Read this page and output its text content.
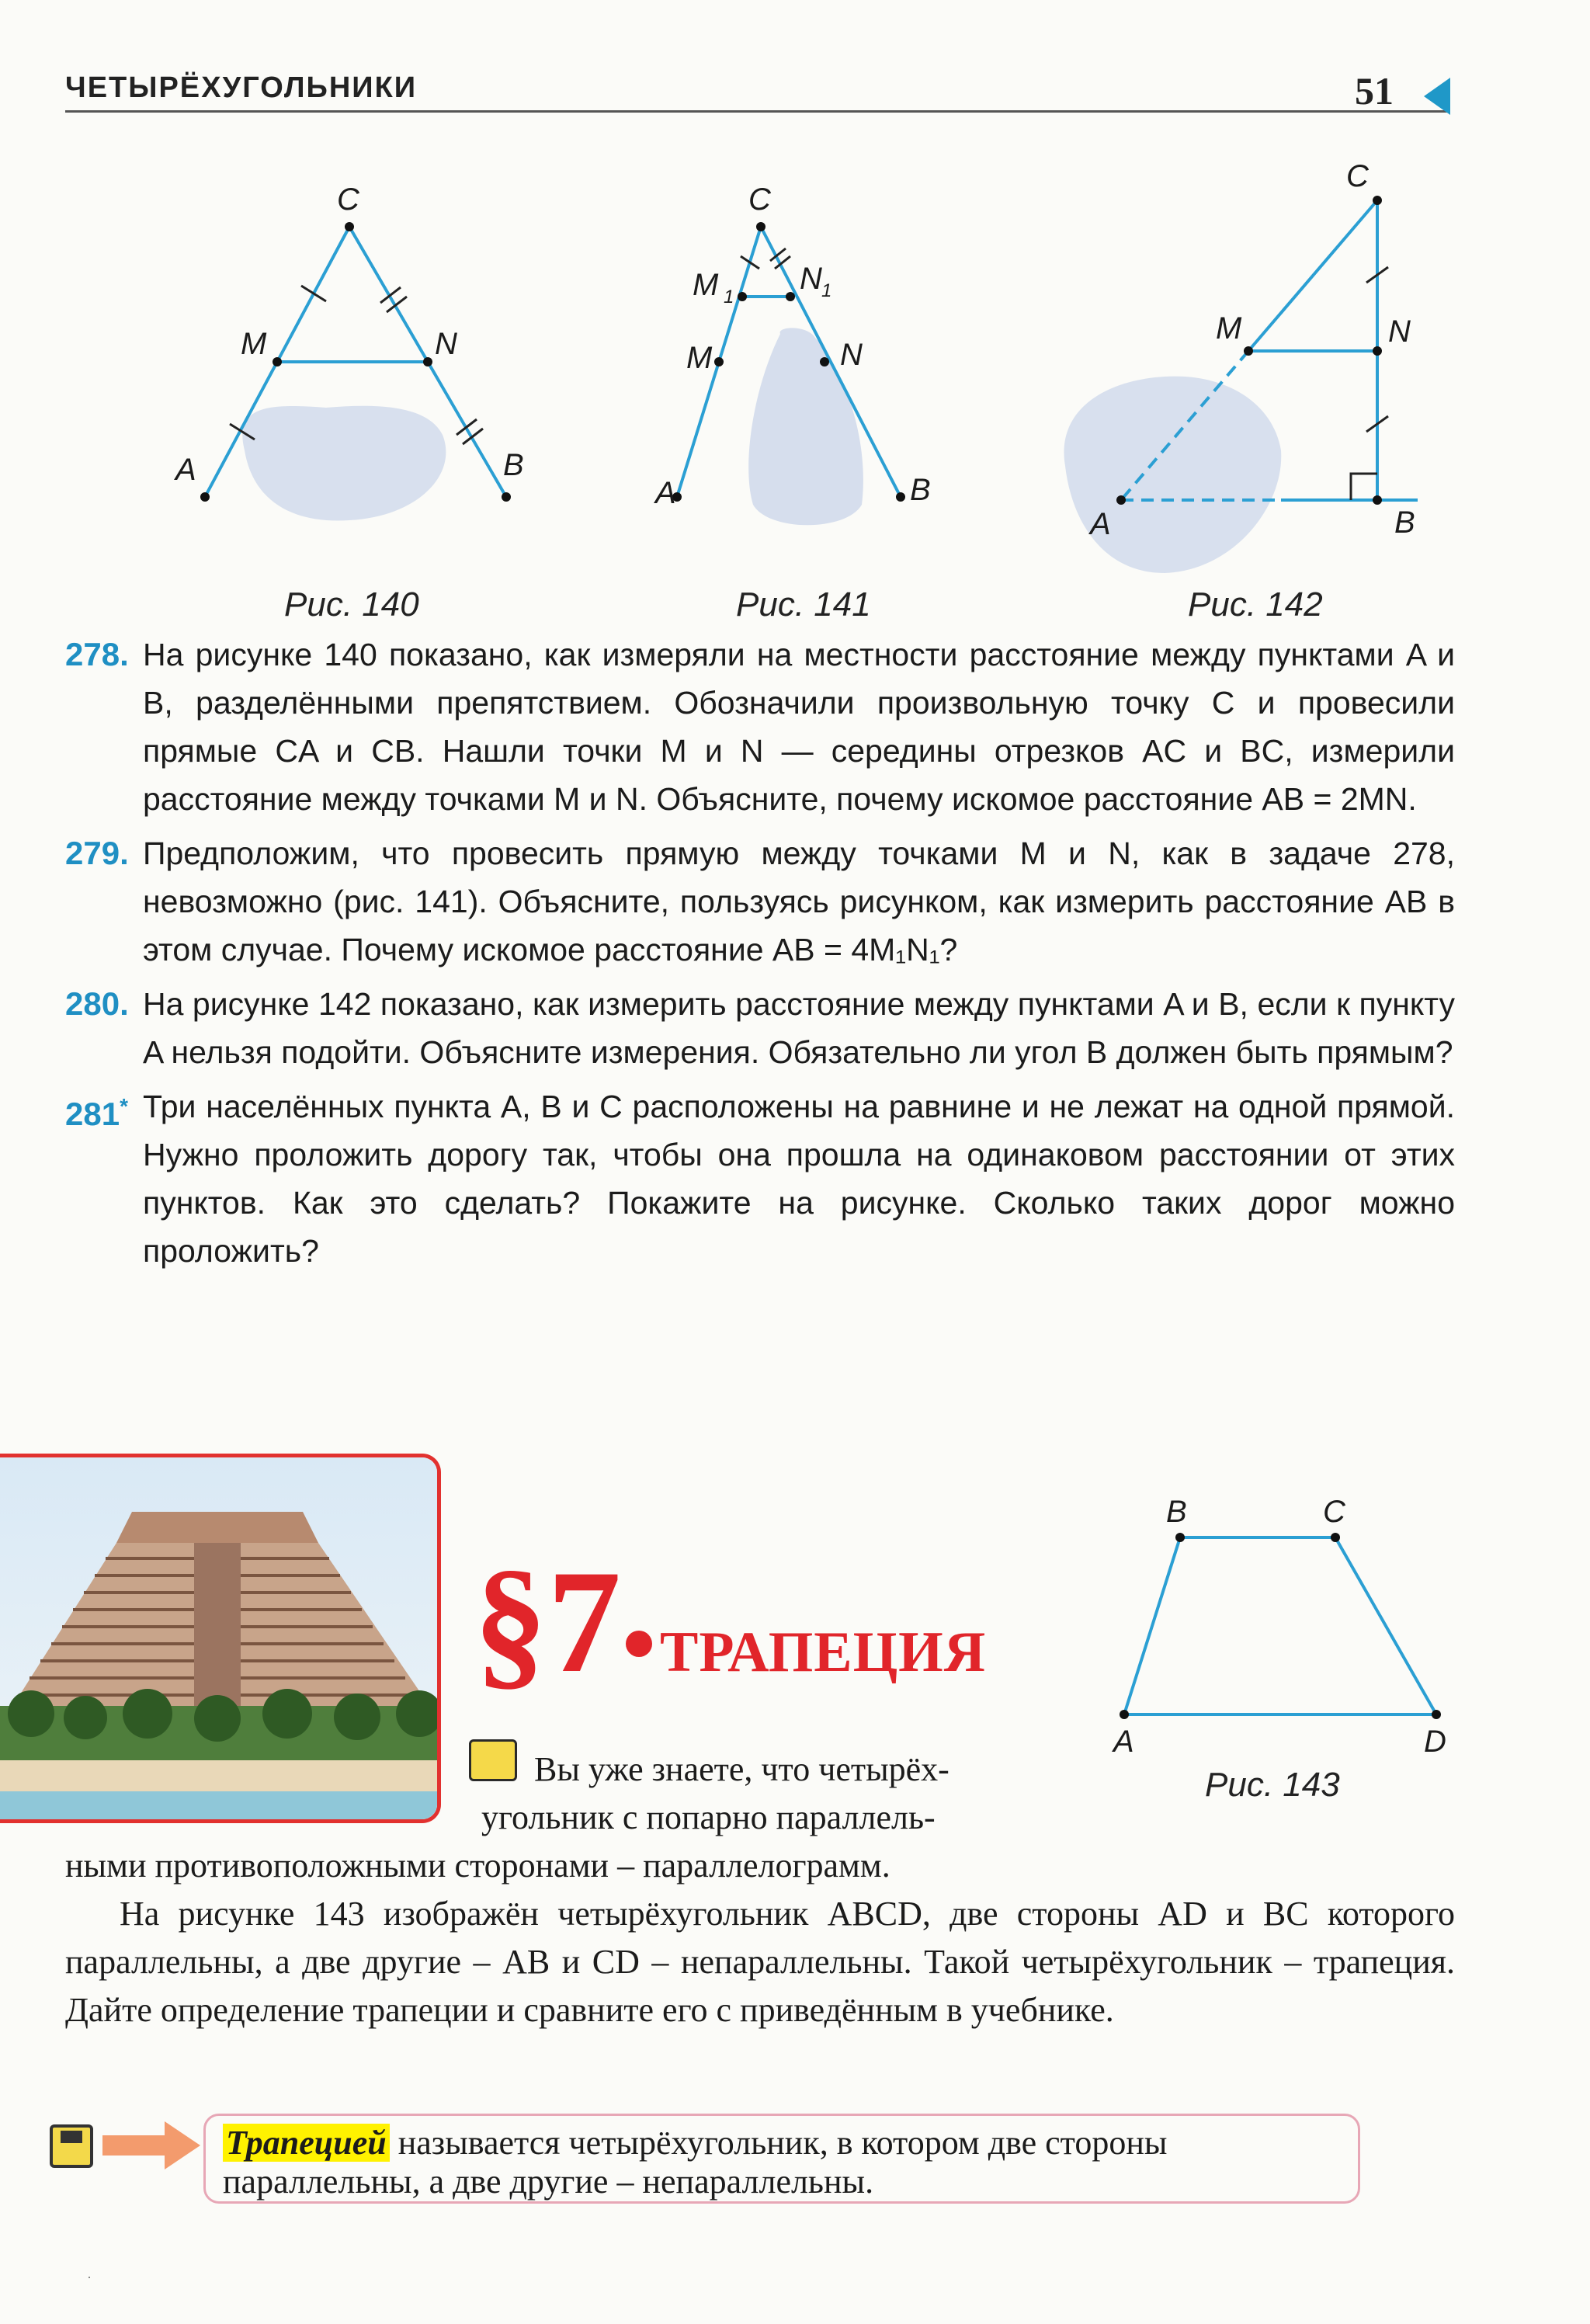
ЧЕТЫРЁХУГОЛЬНИКИ	51
C
M	N
A	B
Рис. 140
C
M 1
N 1
M	N
A	B
Рис. 141
C
M	N
A	B
Рис. 142
278. На рисунке 140 показано, как измеряли на местности расстояние между пунктами A и B, разделёнными препятствием. Обозначили произвольную точку C и провесили прямые CA и CB. Нашли точки M и N — середины отрезков AC и BC, измерили расстояние между точками M и N. Объясните, почему искомое расстояние AB = 2MN.
279. Предположим, что провесить прямую между точками M и N, как в задаче 278, невозможно (рис. 141). Объясните, пользуясь рисунком, как измерить расстояние AB в этом случае. Почему искомое расстояние AB = 4M₁N₁?
280. На рисунке 142 показано, как измерить расстояние между пунктами A и B, если к пункту A нельзя подойти. Объясните измерения. Обязательно ли угол B должен быть прямым?
281* Три населённых пункта A, B и C расположены на равнине и не лежат на одной прямой. Нужно проложить дорогу так, чтобы она прошла на одинаковом расстоянии от этих пунктов. Как это сделать? Покажите на рисунке. Сколько таких дорог можно проложить?
§7 ТРАПЕЦИЯ
B	C
A	D
Рис. 143
Вы уже знаете, что четырёх-
угольник с попарно параллель-
ными противоположными сторонами – параллелограмм.
На рисунке 143 изображён четырёхугольник ABCD, две стороны AD и BC которого параллельны, а две другие – AB и CD – непараллельны. Такой четырёхугольник – трапеция. Дайте определение трапеции и сравните его с приведённым в учебнике.
Трапецией называется четырёхугольник, в котором две стороны параллельны, а две другие – непараллельны.
·
